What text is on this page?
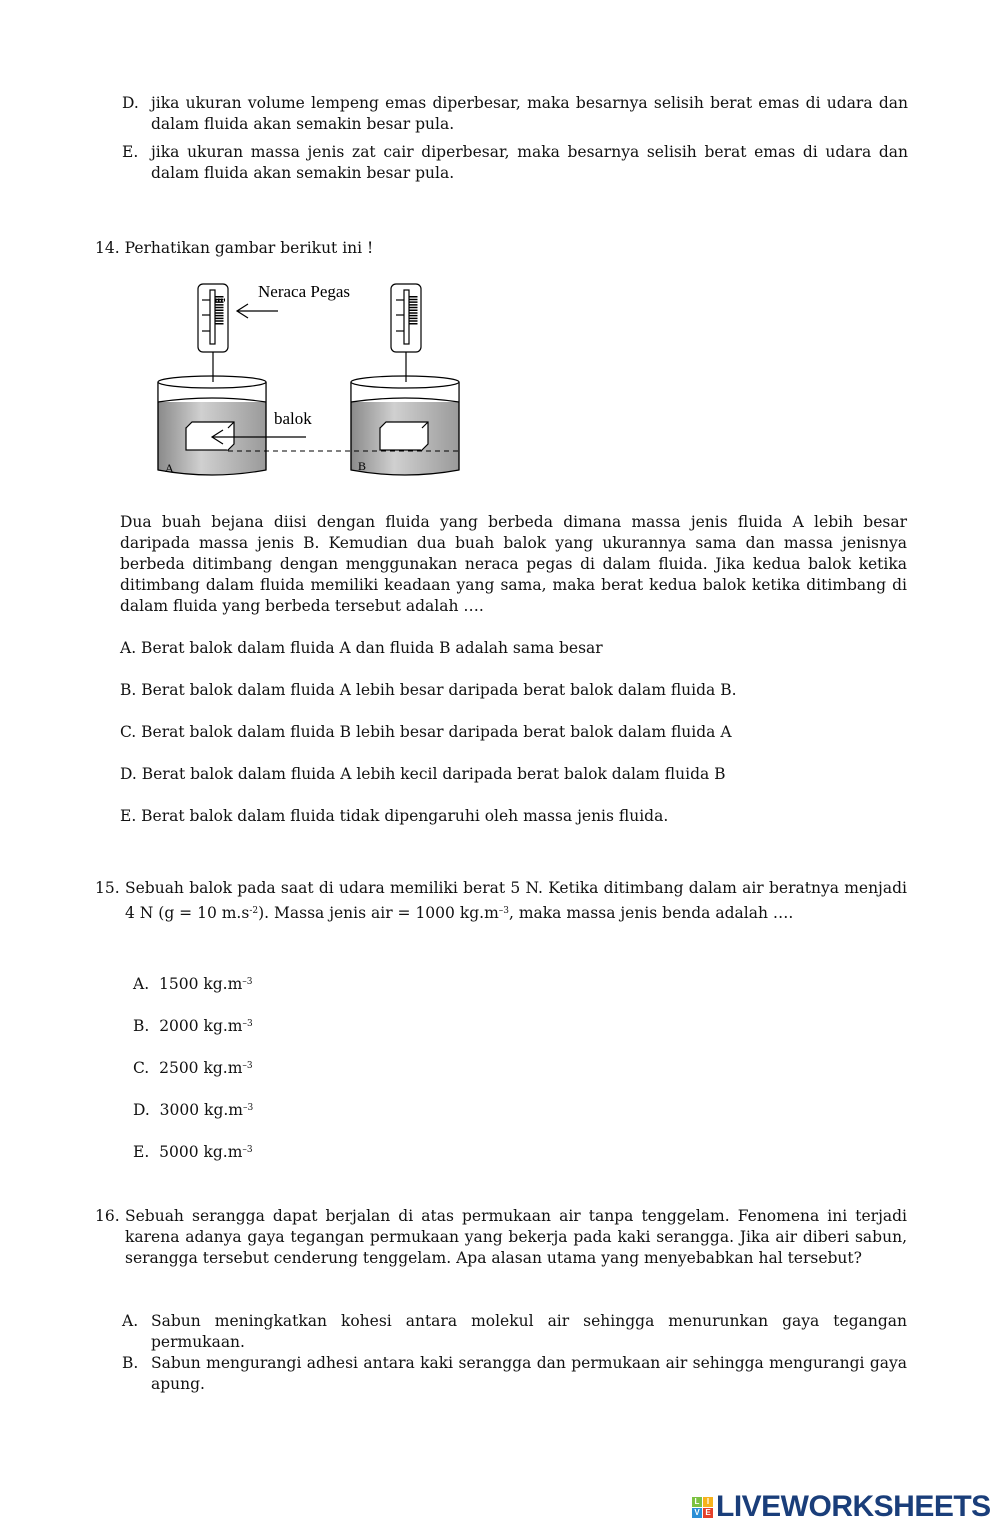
D. jika ukuran volume lempeng emas diperbesar, maka besarnya selisih berat emas di udara dan dalam fluida akan semakin besar pula.
E. jika ukuran massa jenis zat cair diperbesar, maka besarnya selisih berat emas di udara dan dalam fluida akan semakin besar pula.
14. Perhatikan gambar berikut ini !
Neraca Pegas
balok
A	B
Dua buah bejana diisi dengan fluida yang berbeda dimana massa jenis fluida A lebih besar daripada massa jenis B. Kemudian dua buah balok yang ukurannya sama dan massa jenisnya berbeda ditimbang dengan menggunakan neraca pegas di dalam fluida. Jika kedua balok ketika ditimbang dalam fluida memiliki keadaan yang sama, maka berat kedua balok ketika ditimbang di dalam fluida yang berbeda tersebut adalah ….
A. Berat balok dalam fluida A dan fluida B adalah sama besar
B. Berat balok dalam fluida A lebih besar daripada berat balok dalam fluida B.
C. Berat balok dalam fluida B lebih besar daripada berat balok dalam fluida A
D. Berat balok dalam fluida A lebih kecil daripada berat balok dalam fluida B
E. Berat balok dalam fluida tidak dipengaruhi oleh massa jenis fluida.
15. Sebuah balok pada saat di udara memiliki berat 5 N. Ketika ditimbang dalam air beratnya menjadi 4 N (g = 10 $m.s^{-2}$). Massa jenis air = 1000 $kg.m^{-3}$, maka massa jenis benda adalah ….
A. 1500 $kg.m^{-3}$
B. 2000 $kg.m^{-3}$
C. 2500 $kg.m^{-3}$
D. 3000 $kg.m^{-3}$
E. 5000 $kg.m^{-3}$
16. Sebuah serangga dapat berjalan di atas permukaan air tanpa tenggelam. Fenomena ini terjadi karena adanya gaya tegangan permukaan yang bekerja pada kaki serangga. Jika air diberi sabun, serangga tersebut cenderung tenggelam. Apa alasan utama yang menyebabkan hal tersebut?
A. Sabun meningkatkan kohesi antara molekul air sehingga menurunkan gaya tegangan permukaan.
B. Sabun mengurangi adhesi antara kaki serangga dan permukaan air sehingga mengurangi gaya apung.
L I
V E LIVEWORKSHEETS
